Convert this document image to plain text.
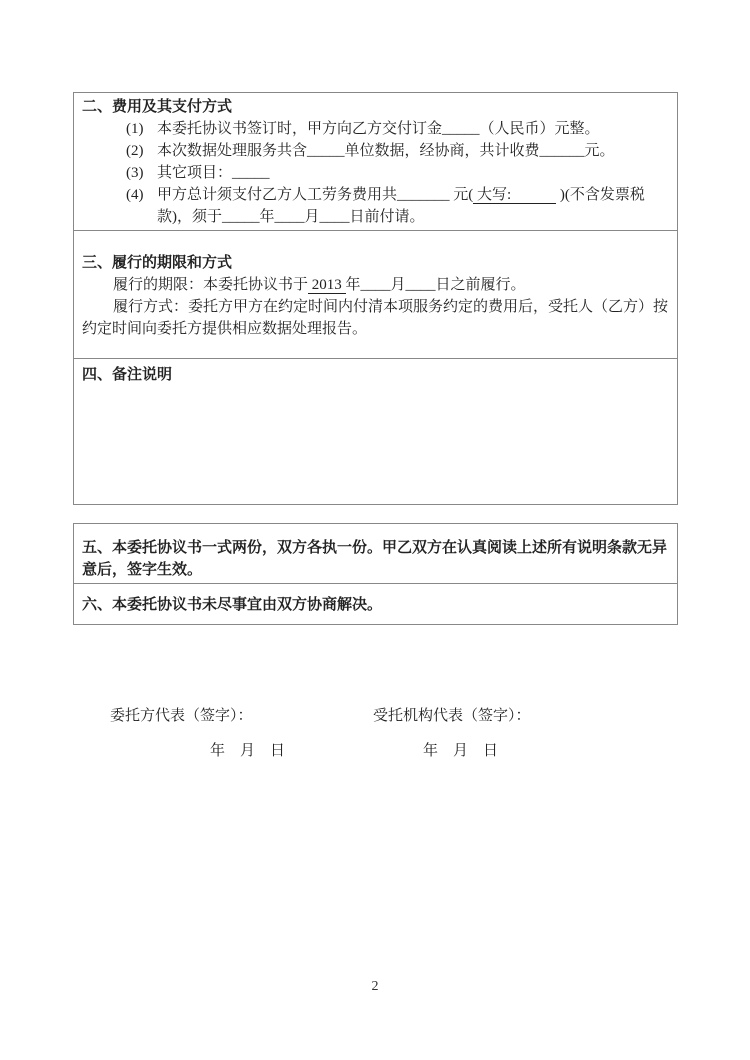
二、费用及其支付方式
(1) 本委托协议书签订时，甲方向乙方交付订金_____（人民币）元整。
(2) 本次数据处理服务共含_____单位数据，经协商，共计收费______元。
(3) 其它项目：_____
(4) 甲方总计须支付乙方人工劳务费用共_______ 元( 大写:             )(不含发票税款)，须于_____年____月____日前付请。
三、履行的期限和方式
履行的期限：本委托协议书于 2013 年____月____日之前履行。
履行方式：委托方甲方在约定时间内付清本项服务约定的费用后，受托人（乙方）按约定时间向委托方提供相应数据处理报告。
四、备注说明
五、本委托协议书一式两份，双方各执一份。甲乙双方在认真阅读上述所有说明条款无异意后，签字生效。
六、本委托协议书未尽事宜由双方协商解决。
委托方代表（签字）：
年　月　日
受托机构代表（签字）：
年　月　日
2
